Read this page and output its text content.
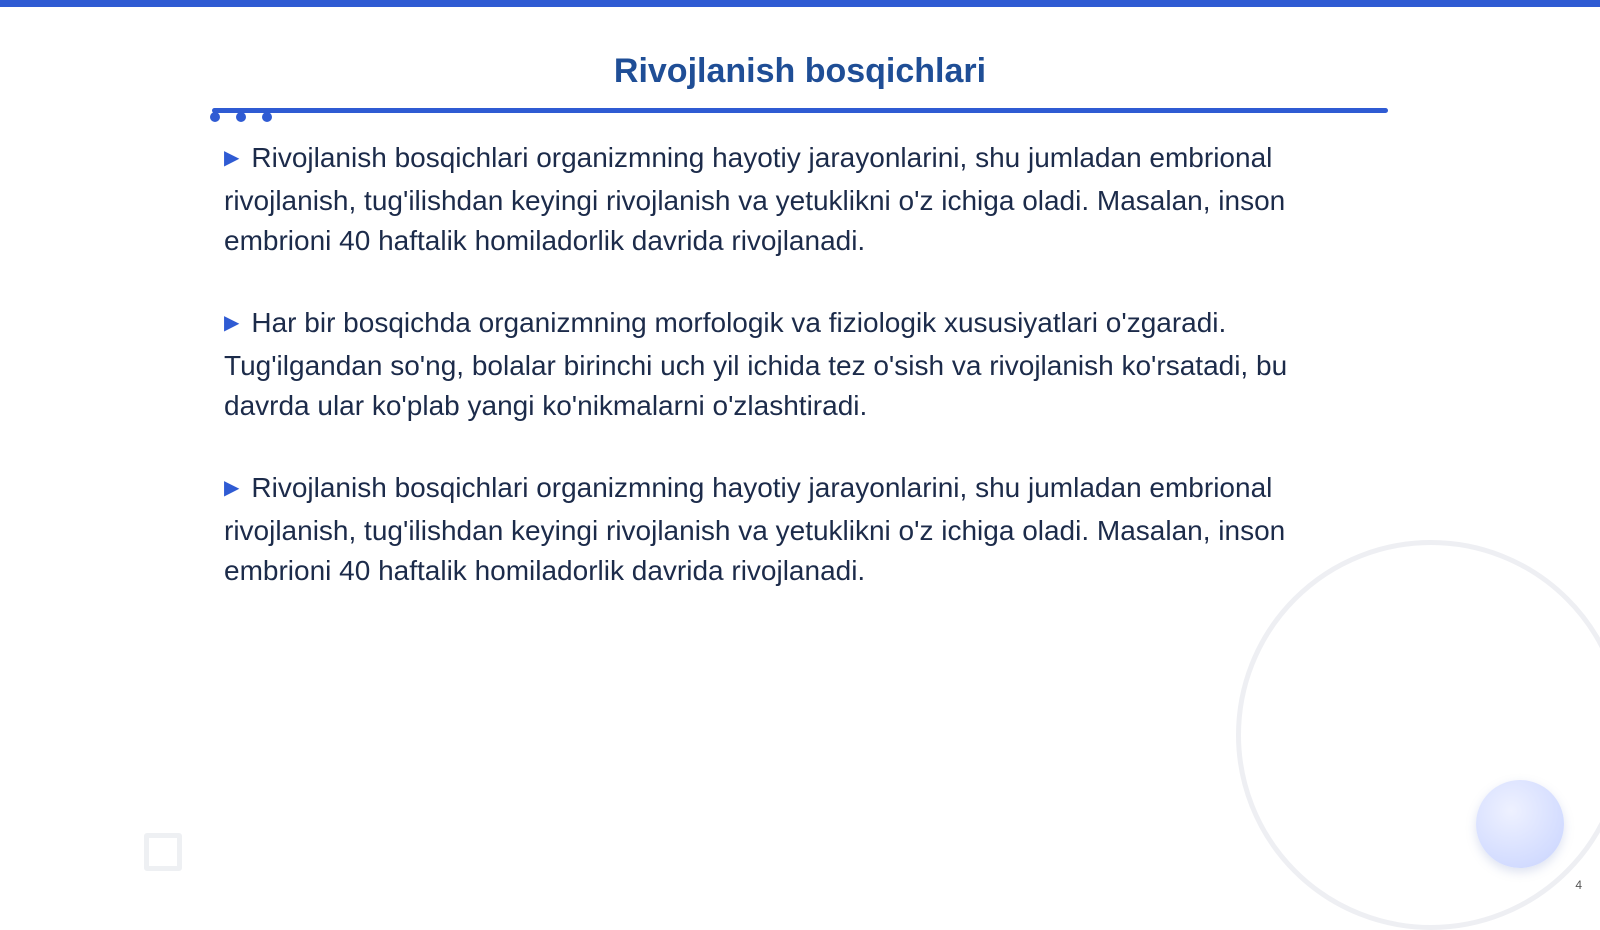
Rivojlanish bosqichlari

▶ Rivojlanish bosqichlari organizmning hayotiy jarayonlarini, shu jumladan embrional rivojlanish, tug'ilishdan keyingi rivojlanish va yetuklikni o'z ichiga oladi. Masalan, inson embrioni 40 haftalik homiladorlik davrida rivojlanadi.

▶ Har bir bosqichda organizmning morfologik va fiziologik xususiyatlari o'zgaradi. Tug'ilgandan so'ng, bolalar birinchi uch yil ichida tez o'sish va rivojlanish ko'rsatadi, bu davrda ular ko'plab yangi ko'nikmalarni o'zlashtiradi.

▶ Rivojlanish bosqichlari organizmning hayotiy jarayonlarini, shu jumladan embrional rivojlanish, tug'ilishdan keyingi rivojlanish va yetuklikni o'z ichiga oladi. Masalan, inson embrioni 40 haftalik homiladorlik davrida rivojlanadi.

4
